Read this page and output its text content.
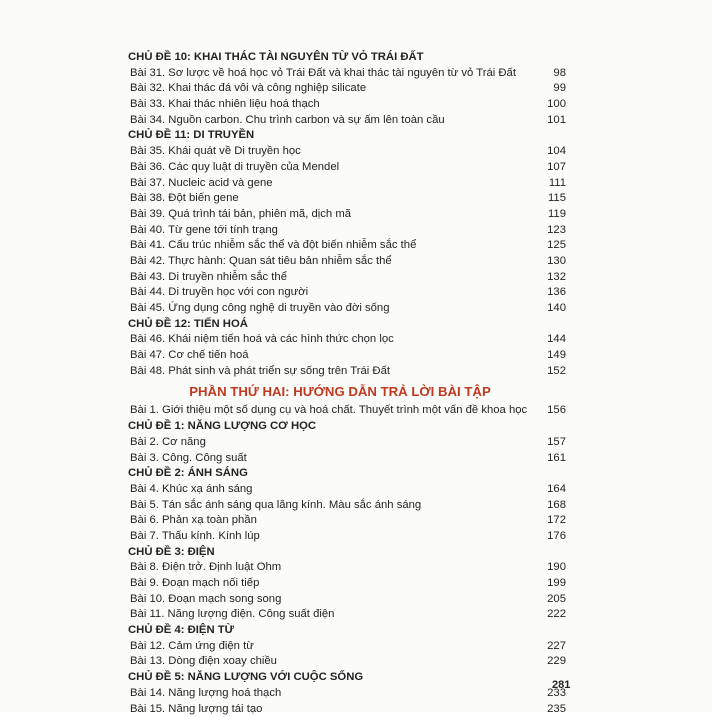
CHỦ ĐỀ 10: KHAI THÁC TÀI NGUYÊN TỪ VỎ TRÁI ĐẤT
Bài 31. Sơ lược về hoá học vỏ Trái Đất và khai thác tài nguyên từ vỏ Trái Đất	98
Bài 32. Khai thác đá vôi và công nghiệp silicate	99
Bài 33. Khai thác nhiên liệu hoá thạch	100
Bài 34. Nguồn carbon. Chu trình carbon và sự ấm lên toàn cầu	101
CHỦ ĐỀ 11: DI TRUYỀN
Bài 35. Khái quát về Di truyền học	104
Bài 36. Các quy luật di truyền của Mendel	107
Bài 37. Nucleic acid và gene	111
Bài 38. Đột biến gene	115
Bài 39. Quá trình tái bản, phiên mã, dịch mã	119
Bài 40. Từ gene tới tính trạng	123
Bài 41. Cấu trúc nhiễm sắc thể và đột biến nhiễm sắc thể	125
Bài 42. Thực hành: Quan sát tiêu bản nhiễm sắc thể	130
Bài 43. Di truyền nhiễm sắc thể	132
Bài 44. Di truyền học với con người	136
Bài 45. Ứng dụng công nghệ di truyền vào đời sống	140
CHỦ ĐỀ 12: TIẾN HOÁ
Bài 46. Khái niệm tiến hoá và các hình thức chọn lọc	144
Bài 47. Cơ chế tiến hoá	149
Bài 48. Phát sinh và phát triển sự sống trên Trái Đất	152
PHẦN THỨ HAI: HƯỚNG DẪN TRẢ LỜI BÀI TẬP
Bài 1. Giới thiệu một số dụng cụ và hoá chất. Thuyết trình một vấn đề khoa học 156
CHỦ ĐỀ 1: NĂNG LƯỢNG CƠ HỌC
Bài 2. Cơ năng	157
Bài 3. Công. Công suất	161
CHỦ ĐỀ 2: ÁNH SÁNG
Bài 4. Khúc xạ ánh sáng	164
Bài 5. Tán sắc ánh sáng qua lăng kính. Màu sắc ánh sáng	168
Bài 6. Phản xạ toàn phần	172
Bài 7. Thấu kính. Kính lúp	176
CHỦ ĐỀ 3: ĐIỆN
Bài 8. Điện trở. Định luật Ohm	190
Bài 9. Đoạn mạch nối tiếp	199
Bài 10. Đoạn mạch song song	205
Bài 11. Năng lượng điện. Công suất điện	222
CHỦ ĐỀ 4: ĐIỆN TỪ
Bài 12. Cảm ứng điện từ	227
Bài 13. Dòng điện xoay chiều	229
CHỦ ĐỀ 5: NĂNG LƯỢNG VỚI CUỘC SỐNG
Bài 14. Năng lượng hoá thạch	233
Bài 15. Năng lượng tái tạo	235
281
